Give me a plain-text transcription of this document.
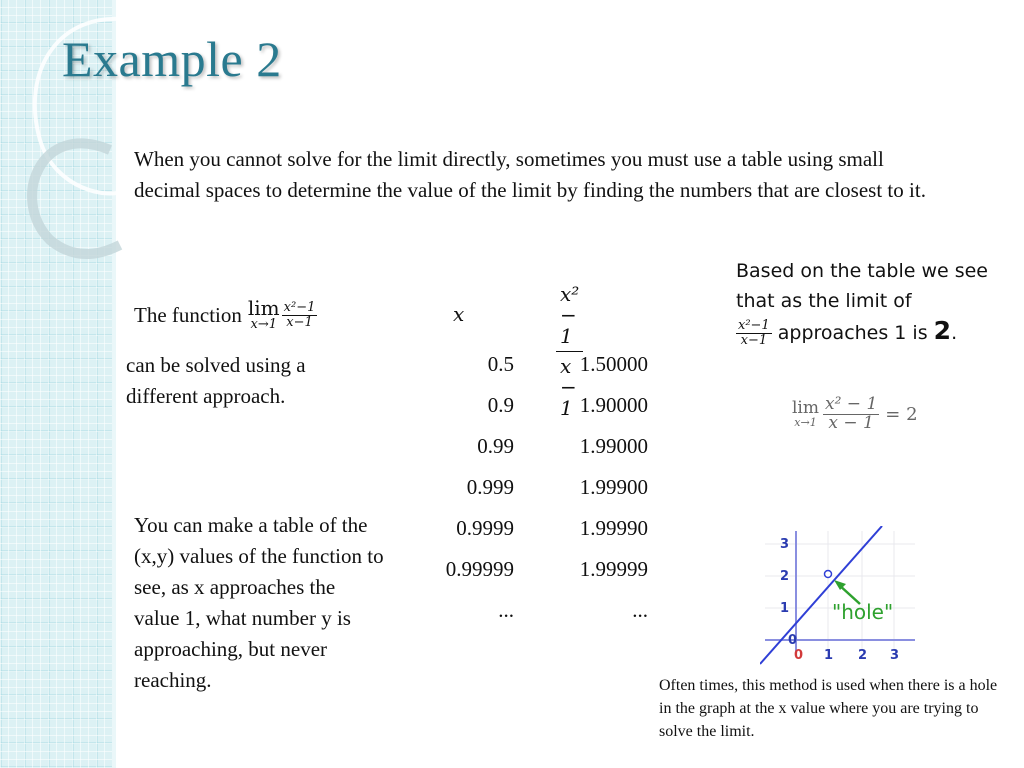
Example 2
When you cannot solve for the limit directly, sometimes you must use a table using small decimal spaces to determine the value of the limit by finding the numbers that are closest to it.
The function lim
$x\to 1 \frac{\text{x²−1}}{x-1}$
can be solved using a different approach.
x	$\frac{\text{x² − 1}}{x - 1}$
0.5	1.50000
0.9	1.90000
0.99	1.99000
0.999	1.99900
0.9999	1.99990
0.99999	1.99999
...	...
You can make a table of the (x,y) values of the function to see, as x approaches the value 1, what number y is approaching, but never reaching.
Based on the table we see that as the limit of

$\frac{\text{x²−1}}{x-1}$ approaches 1 is 2.
lim
$x\to 1 \frac{\text{x² − 1}}{x - 1} = 2$
"hole"
3
2
1
0
0 1 2 3
Often times, this method is used when there is a hole in the graph at the x value where you are trying to solve the limit.
